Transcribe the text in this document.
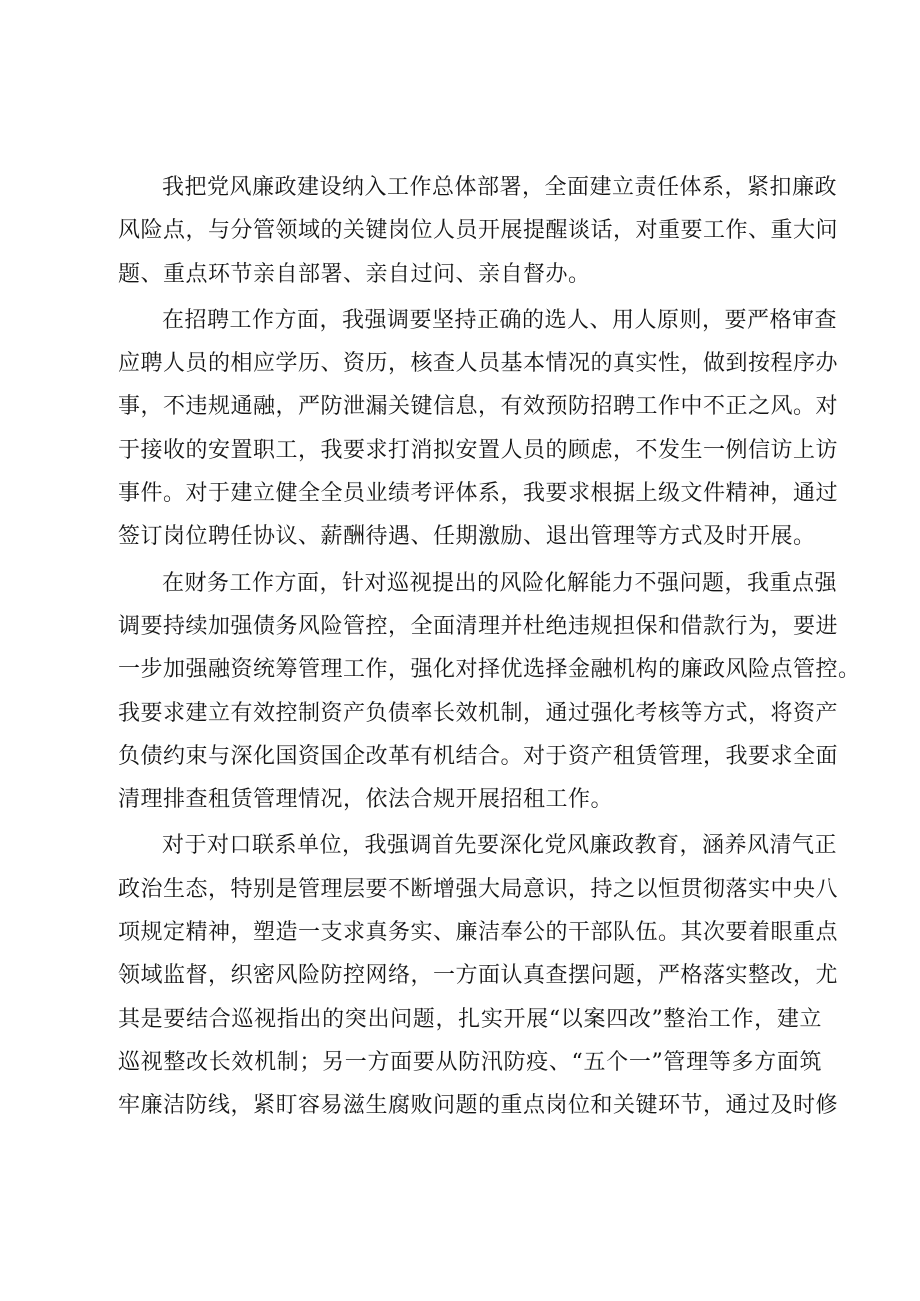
我把党风廉政建设纳入工作总体部署，全面建立责任体系，紧扣廉政
风险点，与分管领域的关键岗位人员开展提醒谈话，对重要工作、重大问
题、重点环节亲自部署、亲自过问、亲自督办。

在招聘工作方面，我强调要坚持正确的选人、用人原则，要严格审查
应聘人员的相应学历、资历，核查人员基本情况的真实性，做到按程序办
事，不违规通融，严防泄漏关键信息，有效预防招聘工作中不正之风。对
于接收的安置职工，我要求打消拟安置人员的顾虑，不发生一例信访上访
事件。对于建立健全全员业绩考评体系，我要求根据上级文件精神，通过
签订岗位聘任协议、薪酬待遇、任期激励、退出管理等方式及时开展。

在财务工作方面，针对巡视提出的风险化解能力不强问题，我重点强
调要持续加强债务风险管控，全面清理并杜绝违规担保和借款行为，要进
一步加强融资统筹管理工作，强化对择优选择金融机构的廉政风险点管控。
我要求建立有效控制资产负债率长效机制，通过强化考核等方式，将资产
负债约束与深化国资国企改革有机结合。对于资产租赁管理，我要求全面
清理排查租赁管理情况，依法合规开展招租工作。

对于对口联系单位，我强调首先要深化党风廉政教育，涵养风清气正
政治生态，特别是管理层要不断增强大局意识，持之以恒贯彻落实中央八
项规定精神，塑造一支求真务实、廉洁奉公的干部队伍。其次要着眼重点
领域监督，织密风险防控网络，一方面认真查摆问题，严格落实整改，尤
其是要结合巡视指出的突出问题，扎实开展“以案四改”整治工作，建立
巡视整改长效机制；另一方面要从防汛防疫、“五个一”管理等多方面筑
牢廉洁防线，紧盯容易滋生腐败问题的重点岗位和关键环节，通过及时修
